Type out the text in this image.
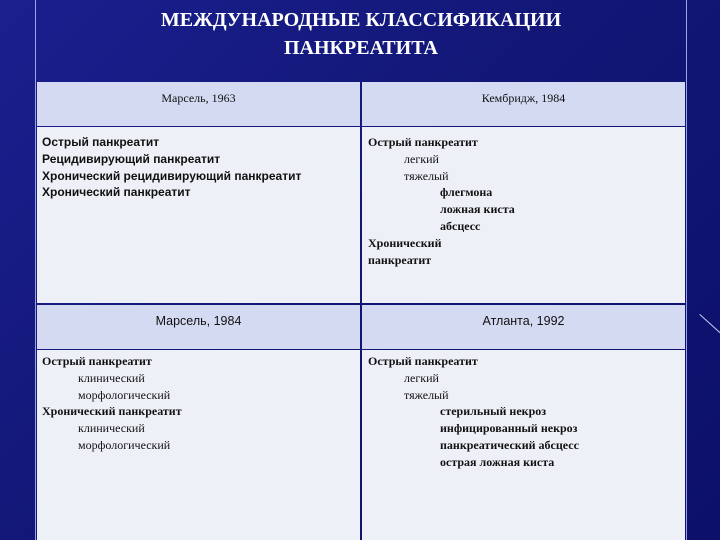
МЕЖДУНАРОДНЫЕ КЛАССИФИКАЦИИ
ПАНКРЕАТИТА
Марсель, 1963	Кембридж, 1984
Острый панкреатит
Рецидивирующий панкреатит
Хронический рецидивирующий панкреатит
Хронический панкреатит
Острый панкреатит
легкий
тяжелый
флегмона
ложная киста
абсцесс
Хронический
панкреатит
Марсель, 1984	Атланта, 1992
Острый панкреатит
клинический
морфологический
Хронический панкреатит
клинический
морфологический
Острый панкреатит
легкий
тяжелый
стерильный некроз
инфицированный некроз
панкреатический абсцесс
острая ложная киста
